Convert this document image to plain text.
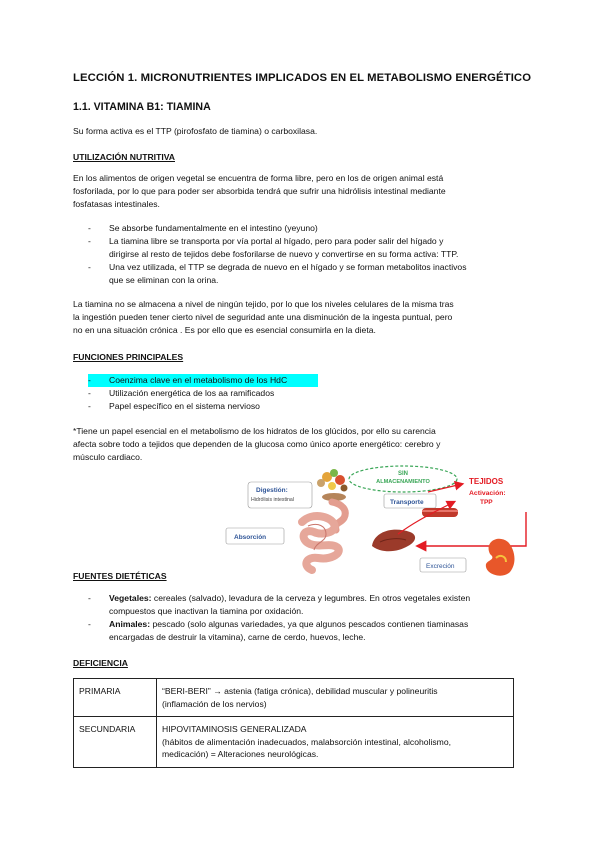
LECCIÓN 1. MICRONUTRIENTES IMPLICADOS EN EL METABOLISMO ENERGÉTICO
1.1. VITAMINA B1: TIAMINA
Su forma activa es el TTP (pirofosfato de tiamina) o carboxilasa.
UTILIZACIÓN NUTRITIVA
En los alimentos de origen vegetal se encuentra de forma libre, pero en los de origen animal está
fosforilada, por lo que para poder ser absorbida tendrá que sufrir una hidrólisis intestinal mediante
fosfatasas intestinales.
- Se absorbe fundamentalmente en el intestino (yeyuno)
- La tiamina libre se transporta por vía portal al hígado, pero para poder salir del hígado y
dirigirse al resto de tejidos debe fosforilarse de nuevo y convertirse en su forma activa: TTP.
- Una vez utilizada, el TTP se degrada de nuevo en el hígado y se forman metabolitos inactivos
que se eliminan con la orina.
La tiamina no se almacena a nivel de ningún tejido, por lo que los niveles celulares de la misma tras
la ingestión pueden tener cierto nivel de seguridad ante una disminución de la ingesta puntual, pero
no en una situación crónica . Es por ello que es esencial consumirla en la dieta.
FUNCIONES PRINCIPALES
- Coenzima clave en el metabolismo de los HdC
- Utilización energética de los aa ramificados
- Papel específico en el sistema nervioso
*Tiene un papel esencial en el metabolismo de los hidratos de los glúcidos, por ello su carencia
afecta sobre todo a tejidos que dependen de la glucosa como único aporte energético: cerebro y
músculo cardiaco.
Digestión:
Hidrólisis intestinal
SIN
ALMACENAMIENTO
Absorción
Transporte
TEJIDOS
Activación:
TPP
Excreción
FUENTES DIETÉTICAS
- Vegetales: cereales (salvado), levadura de la cerveza y legumbres. En otros vegetales existen
compuestos que inactivan la tiamina por oxidación.
- Animales: pescado (solo algunas variedades, ya que algunos pescados contienen tiaminasas
encargadas de destruir la vitamina), carne de cerdo, huevos, leche.
DEFICIENCIA
PRIMARIA	“BERI-BERI” → astenia (fatiga crónica), debilidad muscular y polineuritis
(inflamación de los nervios)

SECUNDARIA	HIPOVITAMINOSIS GENERALIZADA
(hábitos de alimentación inadecuados, malabsorción intestinal, alcoholismo,
medicación) = Alteraciones neurológicas.
